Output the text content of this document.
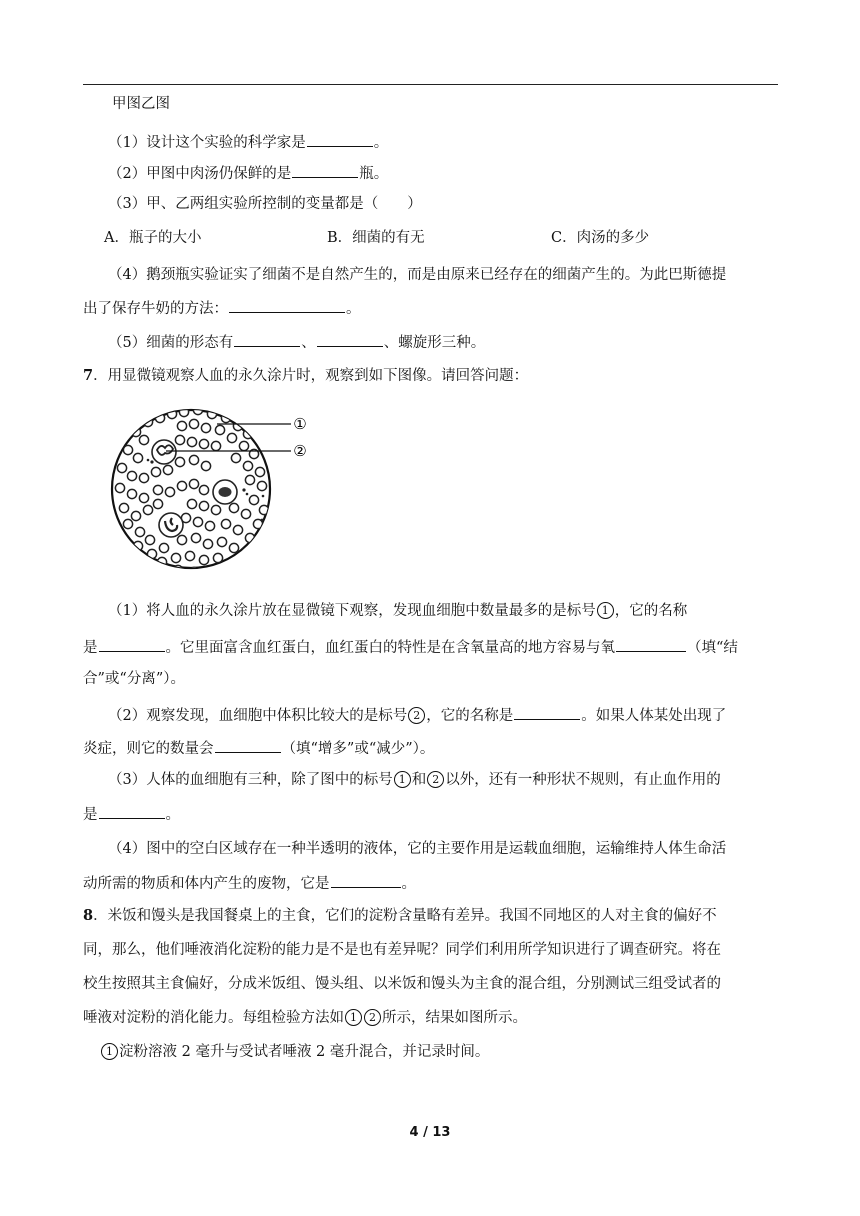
甲图乙图
（1）设计这个实验的科学家是	。
（2）甲图中肉汤仍保鲜的是	瓶。
（3）甲、乙两组实验所控制的变量都是（　　）
A．瓶子的大小	B．细菌的有无	C．肉汤的多少
（4）鹅颈瓶实验证实了细菌不是自然产生的，而是由原来已经存在的细菌产生的。为此巴斯德提
出了保存牛奶的方法：	。
（5）细菌的形态有	、	、螺旋形三种。
7．用显微镜观察人血的永久涂片时，观察到如下图像。请回答问题：
①
②
（1）将人血的永久涂片放在显微镜下观察，发现血细胞中数量最多的是标号 1 ，它的名称
是	。它里面富含血红蛋白，血红蛋白的特性是在含氧量高的地方容易与氧	（填“结
合”或“分离”）。
（2）观察发现，血细胞中体积比较大的是标号 2 ，它的名称是	。如果人体某处出现了
炎症，则它的数量会	（填“增多”或“减少”）。
（3）人体的血细胞有三种，除了图中的标号 1 和 2 以外，还有一种形状不规则，有止血作用的
是	。
（4）图中的空白区域存在一种半透明的液体，它的主要作用是运载血细胞，运输维持人体生命活
动所需的物质和体内产生的废物，它是	。
8．米饭和馒头是我国餐桌上的主食，它们的淀粉含量略有差异。我国不同地区的人对主食的偏好不
同，那么，他们唾液消化淀粉的能力是不是也有差异呢？同学们利用所学知识进行了调查研究。将在
校生按照其主食偏好，分成米饭组、馒头组、以米饭和馒头为主食的混合组，分别测试三组受试者的
唾液对淀粉的消化能力。每组检验方法如 1 2 所示，结果如图所示。
1 淀粉溶液 2 毫升与受试者唾液 2 毫升混合，并记录时间。
4 / 13
